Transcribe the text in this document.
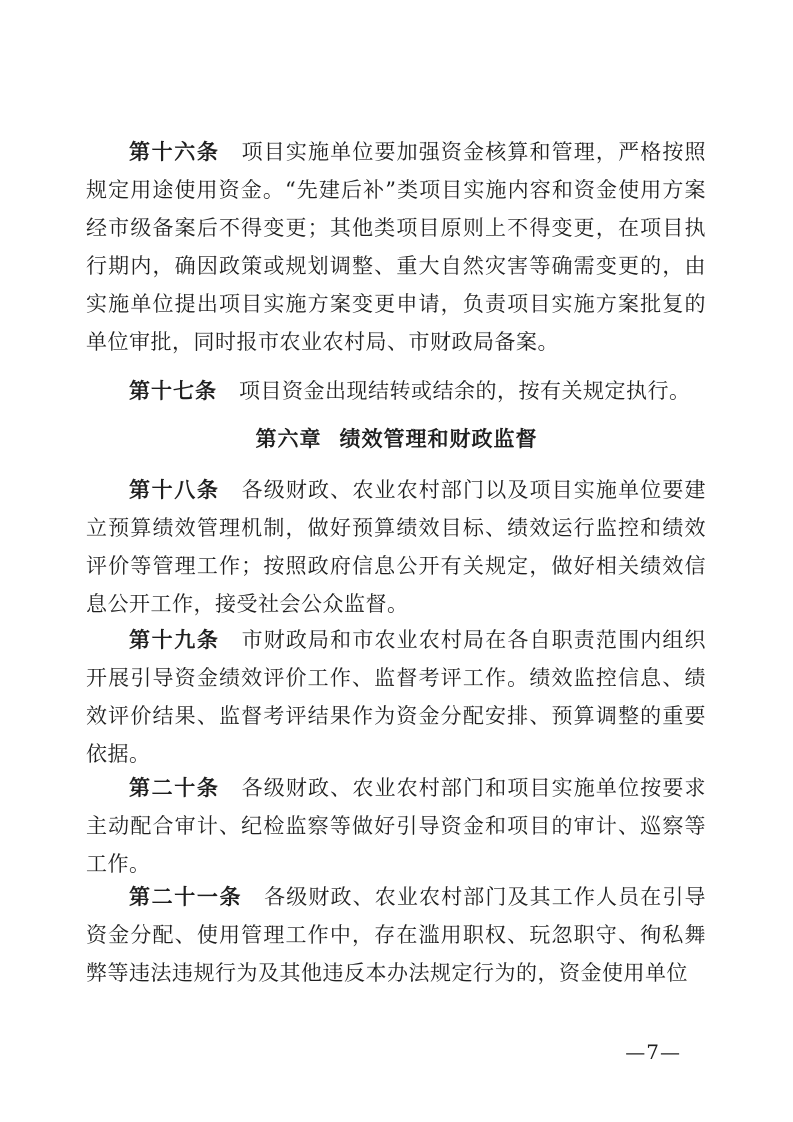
第十六条 项目实施单位要加强资金核算和管理，严格按照规定用途使用资金。“先建后补”类项目实施内容和资金使用方案经市级备案后不得变更；其他类项目原则上不得变更，在项目执行期内，确因政策或规划调整、重大自然灾害等确需变更的，由实施单位提出项目实施方案变更申请，负责项目实施方案批复的单位审批，同时报市农业农村局、市财政局备案。

第十七条 项目资金出现结转或结余的，按有关规定执行。

第六章 绩效管理和财政监督

第十八条 各级财政、农业农村部门以及项目实施单位要建立预算绩效管理机制，做好预算绩效目标、绩效运行监控和绩效评价等管理工作；按照政府信息公开有关规定，做好相关绩效信息公开工作，接受社会公众监督。

第十九条 市财政局和市农业农村局在各自职责范围内组织开展引导资金绩效评价工作、监督考评工作。绩效监控信息、绩效评价结果、监督考评结果作为资金分配安排、预算调整的重要依据。

第二十条 各级财政、农业农村部门和项目实施单位按要求主动配合审计、纪检监察等做好引导资金和项目的审计、巡察等工作。

第二十一条 各级财政、农业农村部门及其工作人员在引导资金分配、使用管理工作中，存在滥用职权、玩忽职守、徇私舞弊等违法违规行为及其他违反本办法规定行为的，资金使用单位

—7—
